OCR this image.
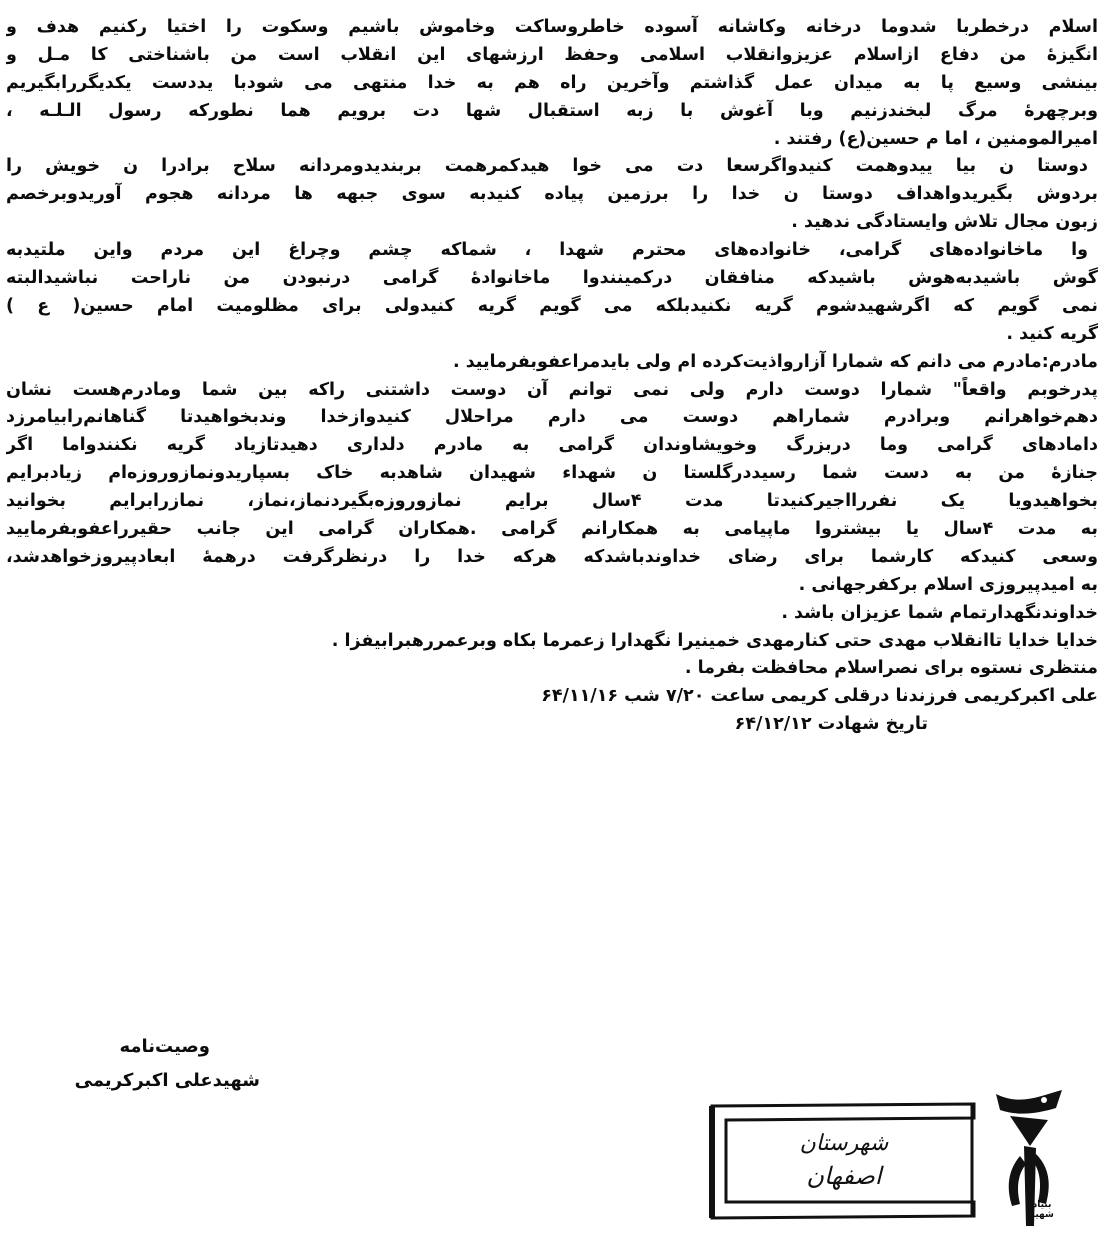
اسلام درخطربا شدوما درخانه وکاشانه آسوده خاطروساکت وخاموش باشیم وسکوت را اختیا رکنیم هدف و
انگیزهٔ من دفاع ازاسلام عزیزوانقلاب اسلامی وحفظ ارزشهای این انقلاب است من باشناختی کا مـل و
بینشی وسیع پا به میدان عمل گذاشتم وآخرین راه هم به خدا منتهی می شودبا یددست یکدیگررابگیریم
وبرچهرهٔ مرگ لبخندزنیم وبا آغوش با زبه استقبال شها دت برویم هما نطورکه رسول الـلـه ،
امیرالمومنین ، اما م حسین(ع) رفتند .
دوستا ن بیا ییدوهمت کنیدواگرسعا دت می خوا هیدکمرهمت بربندیدومردانه سلاح برادرا ن خویش را
بردوش بگیریدواهداف دوستا ن خدا را برزمین پیاده کنیدبه سوی جبهه ها مردانه هجوم آوریدوبرخصم
زبون مجال تلاش وایستادگی ندهید .
وا ماخانواده‌های گرامی، خانواده‌های محترم شهدا ، شماکه چشم وچراغ این مردم واین ملتیدبه
گوش باشیدبه‌هوش باشیدکه منافقان درکمینندوا ماخانوادهٔ گرامی درنبودن من ناراحت نباشیدالبته
نمی گویم که اگرشهیدشوم گریه نکنیدبلکه می گویم گریه کنیدولی برای مظلومیت امام حسین( ع )
گریه کنید .
مادرم:مادرم می دانم که شمارا آزارواذیت‌کرده ام ولی بایدمراعفوبفرمایید .
پدرخوبم واقعاً" شمارا دوست دارم ولی نمی توانم آن دوست داشتنی راکه بین شما ومادرم‌هست نشان
دهم‌خواهرانم وبرادرم شماراهم دوست می دارم مراحلال کنیدواز‌خدا وندبخواهیدتا گناهانم‌رابیامرزد
داماد‌های گرامی وما دربزرگ وخویشاوندان گرامی به مادرم دلداری دهیدتازیاد گریه نکنندواما اگر
جنازهٔ من به دست شما رسیددرگلستا ن شهداء شهیدان شاهدبه خاک بسپاریدونمازوروزه‌ام زیادبرایم
بخواهیدویا یک نفررااجیرکنیدتا مدت ۴سال برایم نمازوروزه‌بگیردنماز،نماز، نمازرابرایم بخوانید
به مدت ۴سال یا بیشتروا ماپیامی به همکارانم گرامی .همکاران گرامی این جانب حقیرراعفوبفرمایید
وسعی کنیدکه کارشما برای رضای خداوندباشدکه هرکه خدا را درنظرگرفت درهمهٔ ابعادپیروزخواهدشد،
به امیدپیروزی اسلام برکفرجهانی .
خداوندنگهدارتمام شما عزیزان باشد .
خدایا خدایا تاانقلاب مهدی حتی کنارمهدی خمینیرا نگهدارا زعمرما بکاه وبرعمررهبرابیفزا .
منتظری نستوه برای نصراسلام محافظت بفرما .
علی اکبرکریمی فرزندنا درقلی کریمی ساعت ۷/۲۰ شب ۶۴/۱۱/۱۶
تاریخ شهادت ۶۴/۱۲/۱۲
وصیت‌نامه
شهیدعلی اکبرکریمی
شهرستان
اصفهان
بنیاد شهید
